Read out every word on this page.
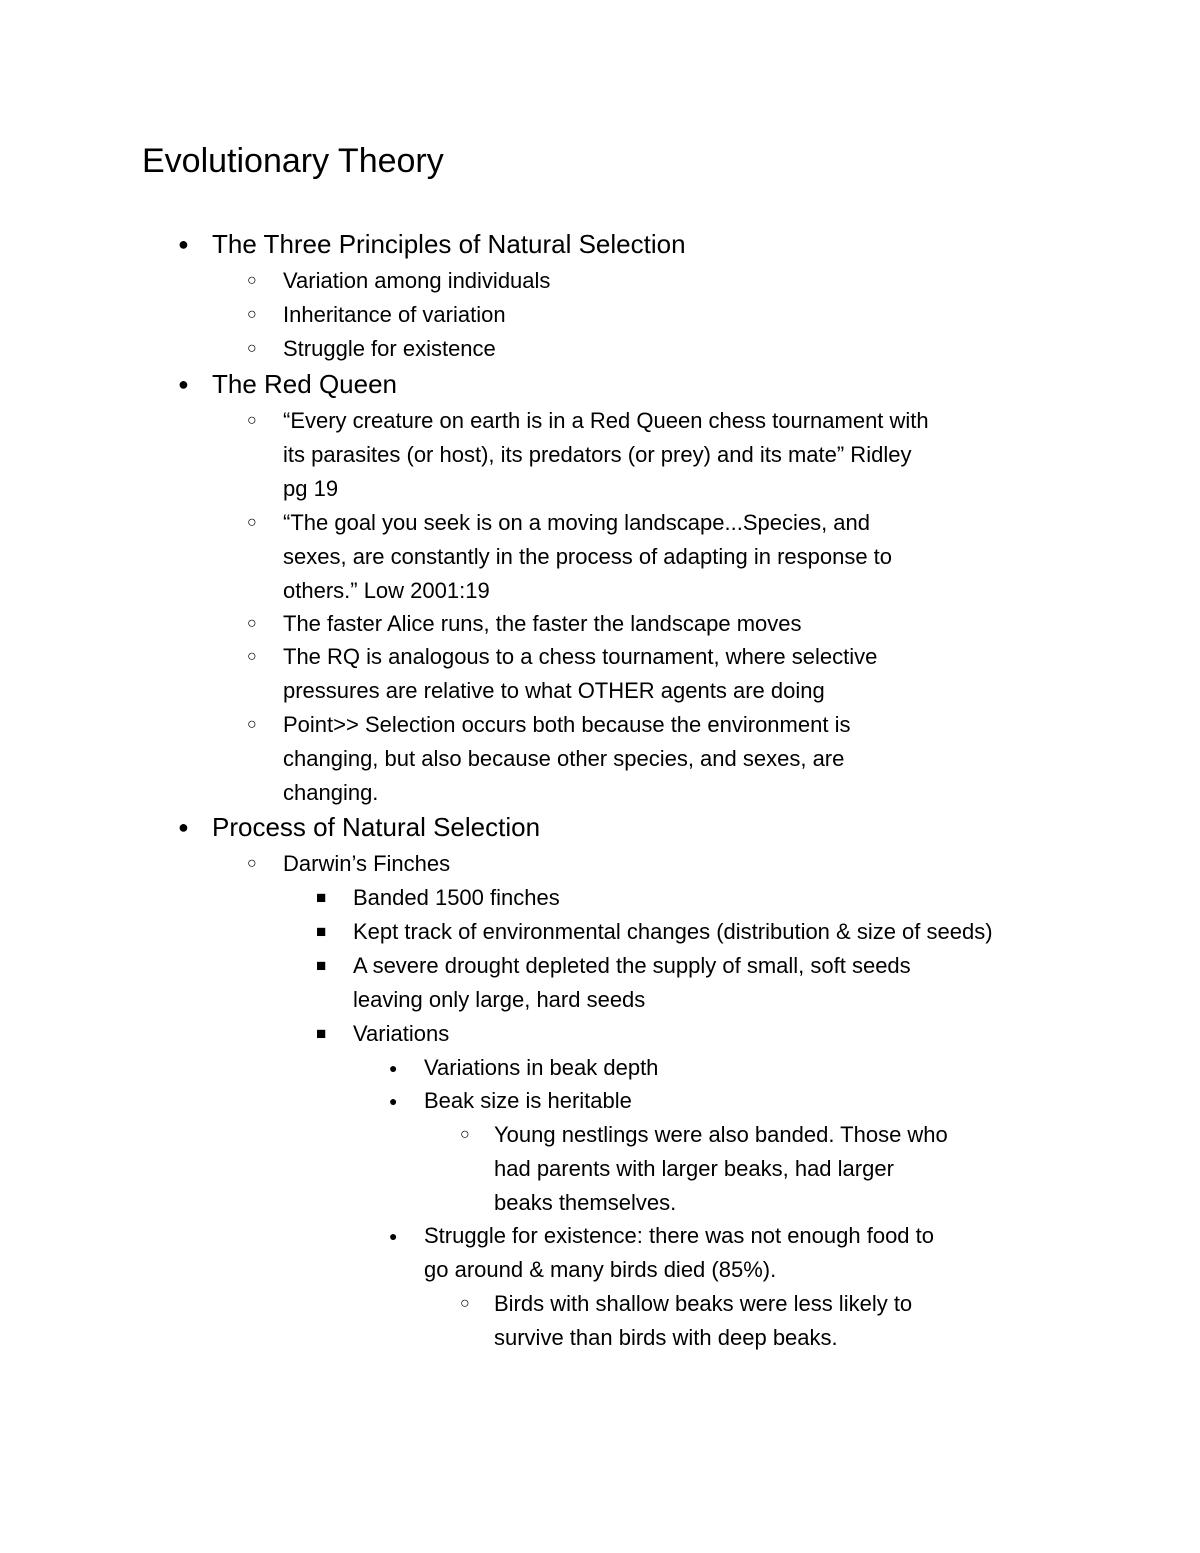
Evolutionary Theory
● The Three Principles of Natural Selection
○ Variation among individuals
○ Inheritance of variation
○ Struggle for existence
● The Red Queen
○ “Every creature on earth is in a Red Queen chess tournament with
its parasites (or host), its predators (or prey) and its mate” Ridley
pg 19
○ “The goal you seek is on a moving landscape...Species, and
sexes, are constantly in the process of adapting in response to
others.” Low 2001:19
○ The faster Alice runs, the faster the landscape moves
○ The RQ is analogous to a chess tournament, where selective
pressures are relative to what OTHER agents are doing
○ Point>> Selection occurs both because the environment is
changing, but also because other species, and sexes, are
changing.
● Process of Natural Selection
○ Darwin’s Finches
■ Banded 1500 finches
■ Kept track of environmental changes (distribution & size of seeds)
■ A severe drought depleted the supply of small, soft seeds
leaving only large, hard seeds
■ Variations
● Variations in beak depth
● Beak size is heritable
○ Young nestlings were also banded. Those who
had parents with larger beaks, had larger
beaks themselves.
● Struggle for existence: there was not enough food to
go around & many birds died (85%).
○ Birds with shallow beaks were less likely to
survive than birds with deep beaks.
